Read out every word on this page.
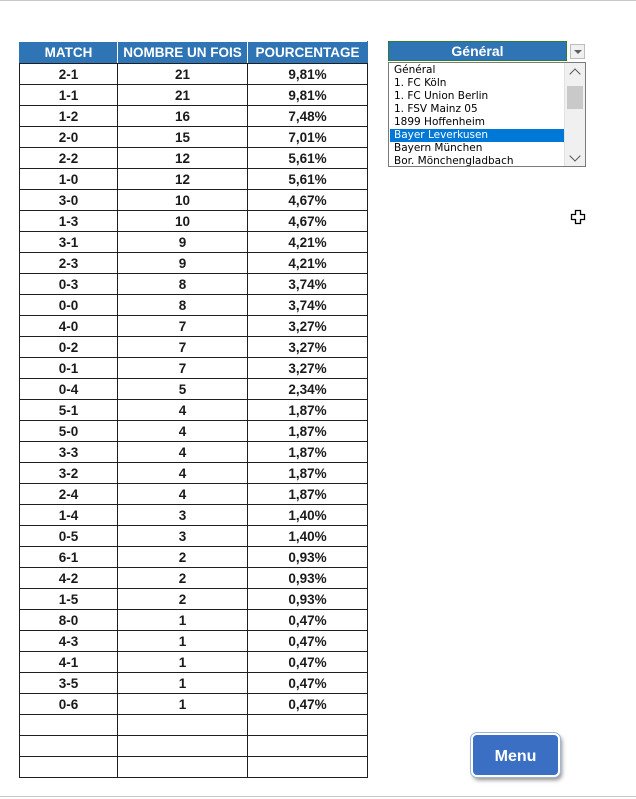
MATCH	NOMBRE UN FOIS	POURCENTAGE
2-1	21	9,81%
1-1	21	9,81%
1-2	16	7,48%
2-0	15	7,01%
2-2	12	5,61%
1-0	12	5,61%
3-0	10	4,67%
1-3	10	4,67%
3-1	9	4,21%
2-3	9	4,21%
0-3	8	3,74%
0-0	8	3,74%
4-0	7	3,27%
0-2	7	3,27%
0-1	7	3,27%
0-4	5	2,34%
5-1	4	1,87%
5-0	4	1,87%
3-3	4	1,87%
3-2	4	1,87%
2-4	4	1,87%
1-4	3	1,40%
0-5	3	1,40%
6-1	2	0,93%
4-2	2	0,93%
1-5	2	0,93%
8-0	1	0,47%
4-3	1	0,47%
4-1	1	0,47%
3-5	1	0,47%
0-6	1	0,47%

Général
Général
1. FC Köln
1. FC Union Berlin
1. FSV Mainz 05
1899 Hoffenheim
Bayer Leverkusen
Bayern München
Bor. Mönchengladbach
Menu
